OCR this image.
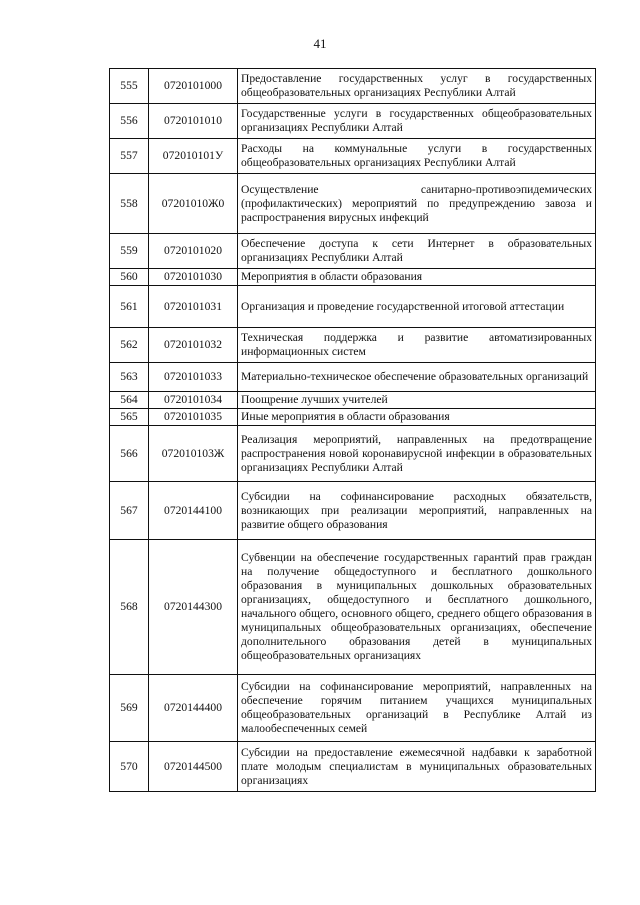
41
555	0720101000	Предоставление государственных услуг в государственных общеобразовательных организациях Республики Алтай
556	0720101010	Государственные услуги в государственных общеобразовательных организациях Республики Алтай
557	072010101У	Расходы на коммунальные услуги в государственных общеобразовательных организациях Республики Алтай
558	07201010Ж0	Осуществление санитарно-противоэпидемических (профилактических) мероприятий по предупреждению завоза и распространения вирусных инфекций
559	0720101020	Обеспечение доступа к сети Интернет в образовательных организациях Республики Алтай
560	0720101030	Мероприятия в области образования
561	0720101031	Организация и проведение государственной итоговой аттестации
562	0720101032	Техническая поддержка и развитие автоматизированных информационных систем
563	0720101033	Материально-техническое обеспечение образовательных организаций
564	0720101034	Поощрение лучших учителей
565	0720101035	Иные мероприятия в области образования
566	072010103Ж	Реализация мероприятий, направленных на предотвращение распространения новой коронавирусной инфекции в образовательных организациях Республики Алтай
567	0720144100	Субсидии на софинансирование расходных обязательств, возникающих при реализации мероприятий, направленных на развитие общего образования
568	0720144300	Субвенции на обеспечение государственных гарантий прав граждан на получение общедоступного и бесплатного дошкольного образования в муниципальных дошкольных образовательных организациях, общедоступного и бесплатного дошкольного, начального общего, основного общего, среднего общего образования в муниципальных общеобразовательных организациях, обеспечение дополнительного образования детей в муниципальных общеобразовательных организациях
569	0720144400	Субсидии на софинансирование мероприятий, направленных на обеспечение горячим питанием учащихся муниципальных общеобразовательных организаций в Республике Алтай из малообеспеченных семей
570	0720144500	Субсидии на предоставление ежемесячной надбавки к заработной плате молодым специалистам в муниципальных образовательных организациях
